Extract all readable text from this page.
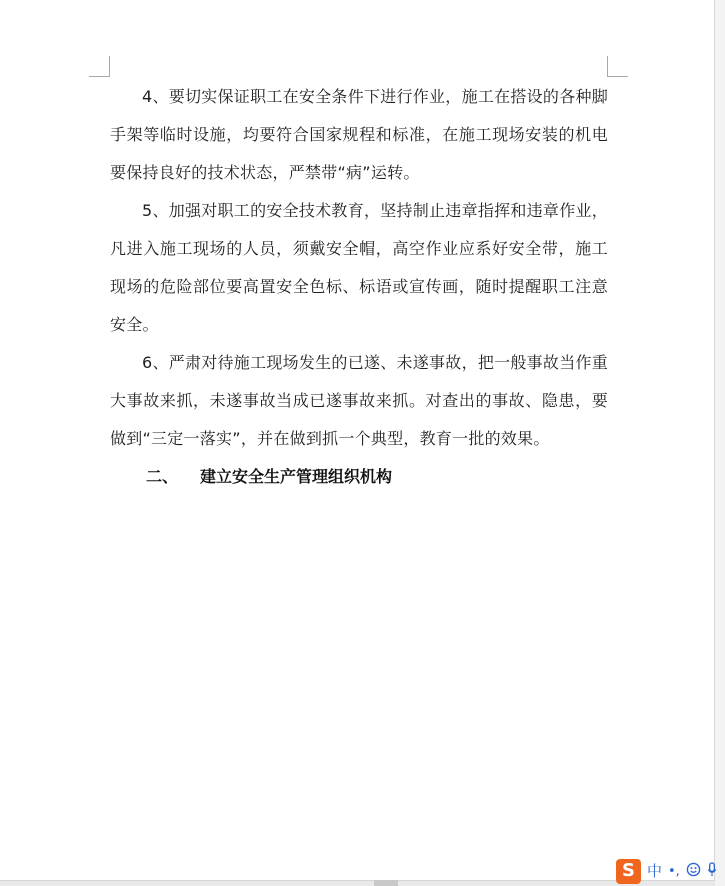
4、要切实保证职工在安全条件下进行作业，施工在搭设的各种脚手架等临时设施，均要符合国家规程和标准，在施工现场安装的机电要保持良好的技术状态，严禁带“病”运转。

5、加强对职工的安全技术教育，坚持制止违章指挥和违章作业，凡进入施工现场的人员，须戴安全帽，高空作业应系好安全带，施工现场的危险部位要高置安全色标、标语或宣传画，随时提醒职工注意安全。

6、严肃对待施工现场发生的已遂、未遂事故，把一般事故当作重大事故来抓，未遂事故当成已遂事故来抓。对查出的事故、隐患，要做到“三定一落实”，并在做到抓一个典型，教育一批的效果。

二、 建立安全生产管理组织机构

S 中 •,
